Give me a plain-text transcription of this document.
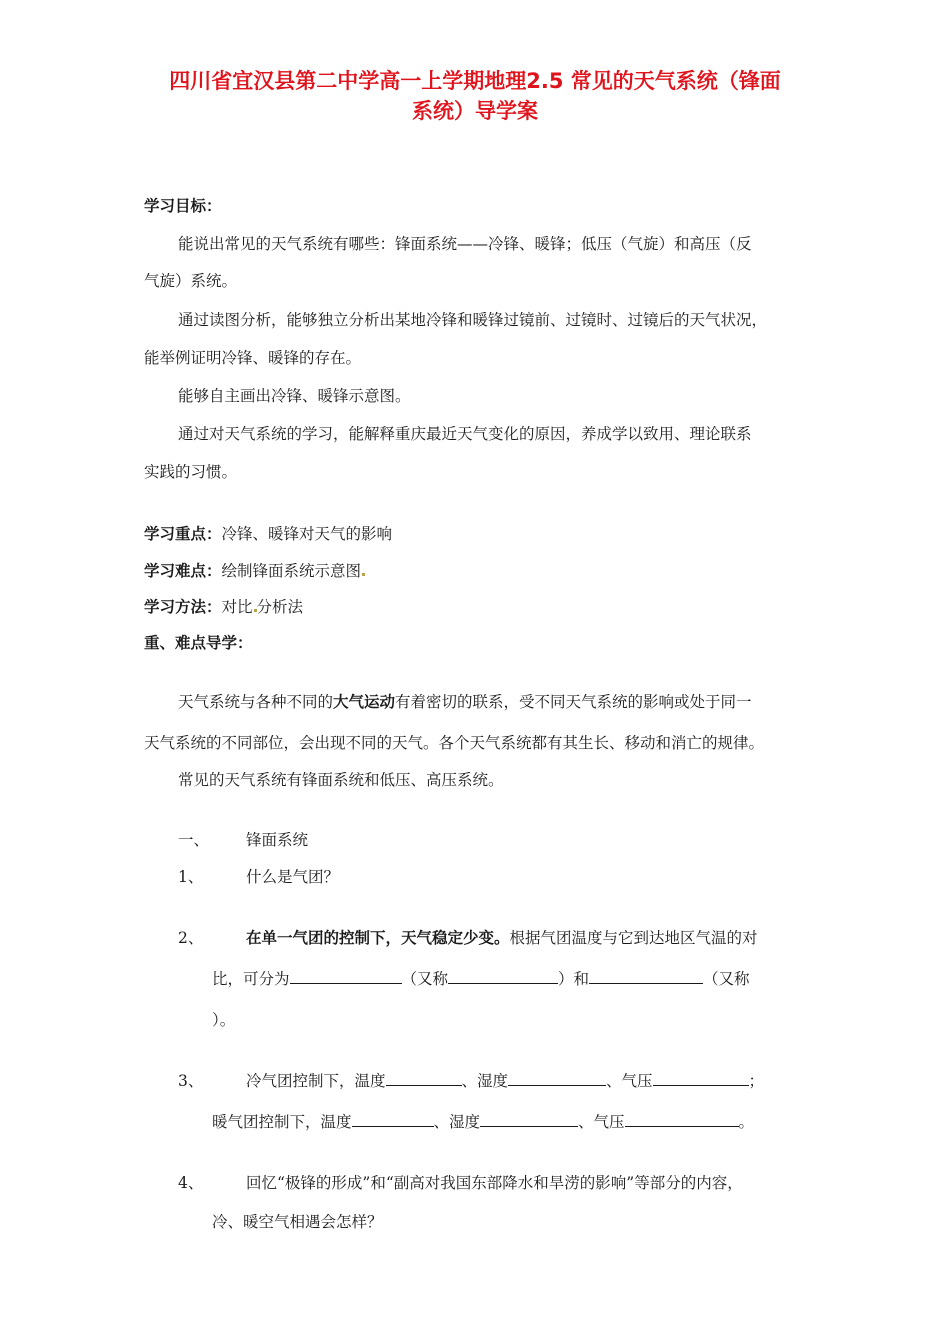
四川省宜汉县第二中学高一上学期地理2.5 常见的天气系统（锋面
系统）导学案
学习目标：
能说出常见的天气系统有哪些：锋面系统——冷锋、暖锋；低压（气旋）和高压（反
气旋）系统。
通过读图分析，能够独立分析出某地冷锋和暖锋过镜前、过镜时、过镜后的天气状况，
能举例证明冷锋、暖锋的存在。
能够自主画出冷锋、暖锋示意图。
通过对天气系统的学习，能解释重庆最近天气变化的原因，养成学以致用、理论联系
实践的习惯。
学习重点：冷锋、暖锋对天气的影响
学习难点：绘制锋面系统示意图
学习方法：对比 分析法
重、难点导学：
天气系统与各种不同的大气运动有着密切的联系，受不同天气系统的影响或处于同一
天气系统的不同部位，会出现不同的天气。各个天气系统都有其生长、移动和消亡的规律。
常见的天气系统有锋面系统和低压、高压系统。
一、 锋面系统
1、	什么是气团？
2、	在单一气团的控制下，天气稳定少变。根据气团温度与它到达地区气温的对
比，可分为	（又称	）和	（又称
）。
3、	冷气团控制下，温度	、湿度	、气压	；
暖气团控制下，温度	、湿度	、气压	。
4、	回忆“极锋的形成”和“副高对我国东部降水和旱涝的影响”等部分的内容，
冷、暖空气相遇会怎样？
